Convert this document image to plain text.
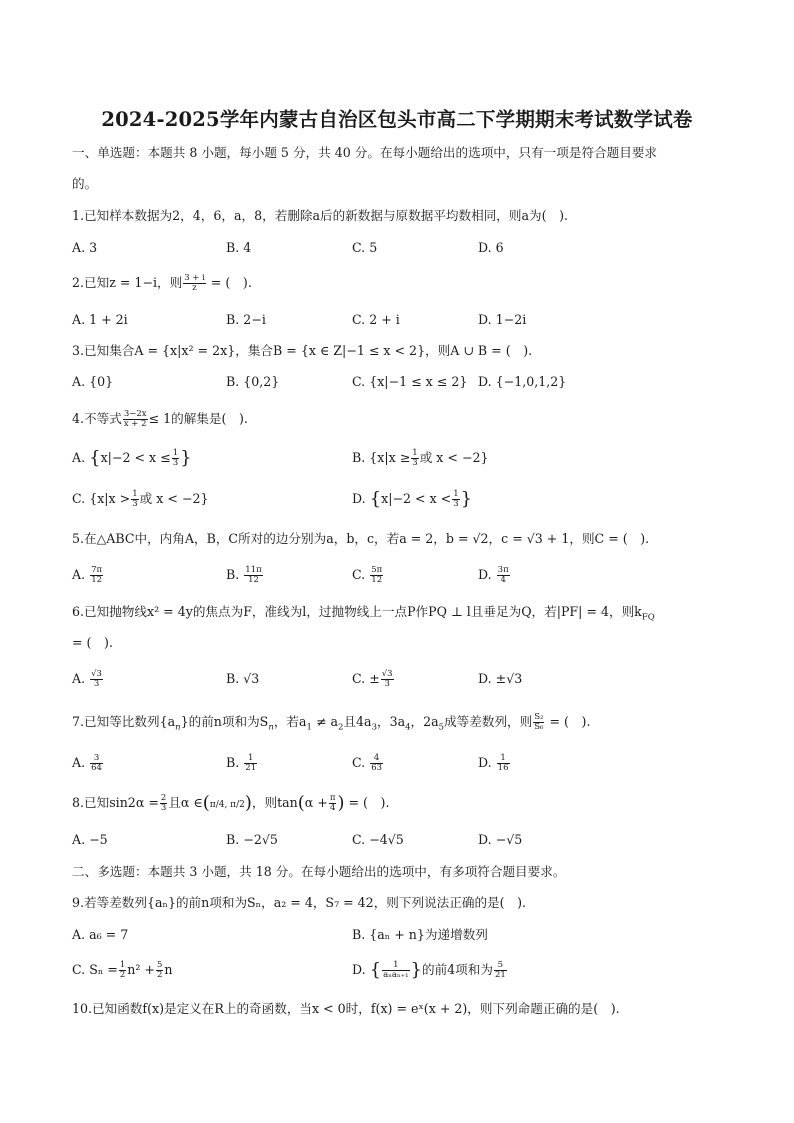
2024-2025学年内蒙古自治区包头市高二下学期期末考试数学试卷
一、单选题：本题共 8 小题，每小题 5 分，共 40 分。在每小题给出的选项中，只有一项是符合题目要求
的。
1.已知样本数据为2，4，6，a，8，若删除a后的新数据与原数据平均数相同，则a为(　).
A. 3	B. 4	C. 5	D. 6
2.已知z = 1−i，则 $\frac{3 + i}{z}$ = (　).
A. 1 + 2i	B. 2−i	C. 2 + i	D. 1−2i
3.已知集合A = {x|x² = 2x}，集合B = {x ∈ Z|−1 ≤ x < 2}，则A ∪ B = (　).
A. {0}	B. {0,2}	C. {x|−1 ≤ x ≤ 2} D. {−1,0,1,2}
4.不等式 $\frac{3-2x}{x + 2} \le 1$的解集是(　).
A. {$x|-2 < x \le \frac{1}{3}$ }	B. {$x|x \ge \frac{1}{3}$ 或 x < −2}
C. {$x|x > \frac{1}{3}$ 或 x < −2}	D. {$x|-2 < x < \frac{1}{3}$ }
5.在△ABC中，内角A，B，C所对的边分别为a，b，c，若a = 2，b = √2，c = √3 + 1，则C = (　).
A. $\frac{7\pi}{12}$	B. $\frac{11\pi}{12}$	C. $\frac{5\pi}{12}$	D. $\frac{3\pi}{4}$
6.已知抛物线x² = 4y的焦点为F，准线为l，过抛物线上一点P作PQ ⊥ l且垂足为Q，若|PF| = 4，则$k_{FQ}$
= (　).
A. $\frac{√3}{3}$	B. √3	C. ± $\frac{√3}{3}$	D. ±√3
7.已知等比数列$\{a_n\}$的前n项和为$S_n$，若$a_1 \ne a_2$且$4a_3$，$3a_4$，$2a_5$成等差数列，则 $\frac{\text{S₂}}{\text{S₆}}$ = (　).
A. $\frac{3}{64}$	B. $\frac{1}{21}$	C. $\frac{4}{63}$	D. $\frac{1}{16}$
8.已知$\sin 2\alpha = \frac{2}{3}$ 且α ∈(π/4, π/2)，则$\tan(\alpha + \frac{\pi}{4}$ ) = (　).
A. −5	B. −2√5	C. −4√5	D. −√5
二、多选题：本题共 3 小题，共 18 分。在每小题给出的选项中，有多项符合题目要求。
9.若等差数列{aₙ}的前n项和为Sₙ，a₂ = 4，S₇ = 42，则下列说法正确的是(　).
A. a₆ = 7	B. {aₙ + n}为递增数列
C. $S_n = \frac{1}{2} n^2 + \frac{5}{2}$ n	D. { $\frac{1}{\text{aₙaₙ₊₁}}$ }的前4项和为 $\frac{5}{21}$
10.已知函数f(x)是定义在R上的奇函数，当x < 0时，f(x) = eˣ(x + 2)，则下列命题正确的是(　).
